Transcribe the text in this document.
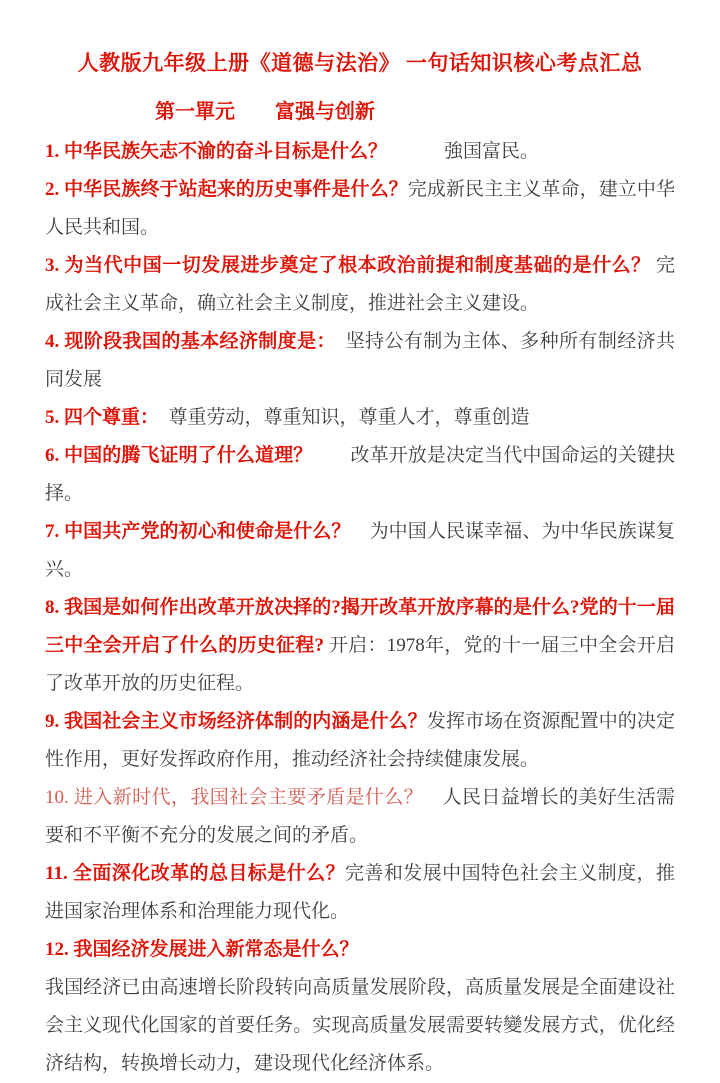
人教版九年级上册《道德与法治》 一句话知识核心考点汇总

第一單元　　富强与创新

1. 中华民族矢志不渝的奋斗目标是什么？　　　強国富民。

2. 中华民族终于站起来的历史事件是什么？完成新民主主义革命，建立中华人民共和国。

3. 为当代中国一切发展进步奠定了根本政治前提和制度基础的是什么？ 完成社会主义革命，确立社会主义制度，推进社会主义建设。

4. 现阶段我国的基本经济制度是：　坚持公有制为主体、多种所有制经济共同发展

5. 四个尊重：　尊重劳动，尊重知识，尊重人才，尊重创造

6. 中国的腾飞证明了什么道理？　　改革开放是决定当代中国命运的关键抉择。

7. 中国共产党的初心和使命是什么？　为中国人民谋幸福、为中华民族谋复兴。

8. 我国是如何作出改革开放决择的?揭开改革开放序幕的是什么?党的十一届三中全会开启了什么的历史征程? 开启：1978年，党的十一届三中全会开启了改革开放的历史征程。

9. 我国社会主义市场经济体制的内涵是什么？发挥市场在资源配置中的决定性作用，更好发挥政府作用，推动经济社会持续健康发展。

10. 进入新时代，我国社会主要矛盾是什么？　人民日益增长的美好生活需要和不平衡不充分的发展之间的矛盾。

11. 全面深化改革的总目标是什么？完善和发展中国特色社会主义制度，推进国家治理体系和治理能力现代化。

12. 我国经济发展进入新常态是什么？

我国经济已由高速增长阶段转向高质量发展阶段，高质量发展是全面建设社会主义现代化国家的首要任务。实现高质量发展需要转變发展方式，优化经济结构，转换增长动力，建设现代化经济体系。
